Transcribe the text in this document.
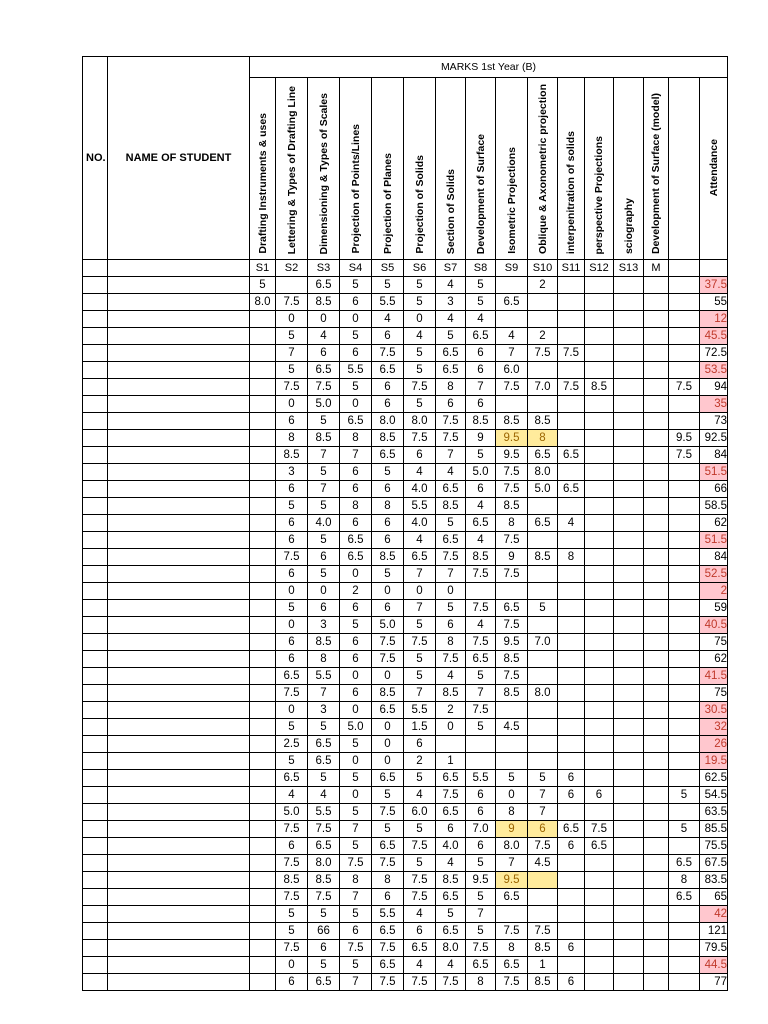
NO.	NAME OF STUDENT	MARKS 1st Year (B)															
		Drafting Instruments & uses	Lettering & Types of Drafting Line	Dimensioning & Types of Scales	Projection of Points/Lines	Projection of Planes	Projection of Solids	Section of Solids	Development of Surface	Isometric Projections	Oblique & Axonometric projection	interpenitration of solids	perspective Projections	sciography	Development of Surface (model)		Attendance
		S1	S2	S3	S4	S5	S6	S7	S8	S9	S10	S11	S12	S13	M		
		5		6.5	5	5	5	4	5		2						37.5
		8.0	7.5	8.5	6	5.5	5	3	5	6.5							55
			0	0	0	4	0	4	4								12
			5	4	5	6	4	5	6.5	4	2						45.5
			7	6	6	7.5	5	6.5	6	7	7.5	7.5					72.5
			5	6.5	5.5	6.5	5	6.5	6	6.0							53.5
			7.5	7.5	5	6	7.5	8	7	7.5	7.0	7.5	8.5			7.5	94
			0	5.0	0	6	5	6	6								35
			6	5	6.5	8.0	8.0	7.5	8.5	8.5	8.5						73
			8	8.5	8	8.5	7.5	7.5	9	9.5	8					9.5	92.5
			8.5	7	7	6.5	6	7	5	9.5	6.5	6.5				7.5	84
			3	5	6	5	4	4	5.0	7.5	8.0						51.5
			6	7	6	6	4.0	6.5	6	7.5	5.0	6.5					66
			5	5	8	8	5.5	8.5	4	8.5							58.5
			6	4.0	6	6	4.0	5	6.5	8	6.5	4					62
			6	5	6.5	6	4	6.5	4	7.5							51.5
			7.5	6	6.5	8.5	6.5	7.5	8.5	9	8.5	8					84
			6	5	0	5	7	7	7.5	7.5							52.5
			0	0	2	0	0	0									2
			5	6	6	6	7	5	7.5	6.5	5						59
			0	3	5	5.0	5	6	4	7.5							40.5
			6	8.5	6	7.5	7.5	8	7.5	9.5	7.0						75
			6	8	6	7.5	5	7.5	6.5	8.5							62
			6.5	5.5	0	0	5	4	5	7.5							41.5
			7.5	7	6	8.5	7	8.5	7	8.5	8.0						75
			0	3	0	6.5	5.5	2	7.5								30.5
			5	5	5.0	0	1.5	0	5	4.5							32
			2.5	6.5	5	0	6										26
			5	6.5	0	0	2	1									19.5
			6.5	5	5	6.5	5	6.5	5.5	5	5	6					62.5
			4	4	0	5	4	7.5	6	0	7	6	6			5	54.5
			5.0	5.5	5	7.5	6.0	6.5	6	8	7						63.5
			7.5	7.5	7	5	5	6	7.0	9	6	6.5	7.5			5	85.5
			6	6.5	5	6.5	7.5	4.0	6	8.0	7.5	6	6.5				75.5
			7.5	8.0	7.5	7.5	5	4	5	7	4.5					6.5	67.5
			8.5	8.5	8	8	7.5	8.5	9.5	9.5						8	83.5
			7.5	7.5	7	6	7.5	6.5	5	6.5						6.5	65
			5	5	5	5.5	4	5	7								42
			5	66	6	6.5	6	6.5	5	7.5	7.5						121
			7.5	6	7.5	7.5	6.5	8.0	7.5	8	8.5	6					79.5
			0	5	5	6.5	4	4	6.5	6.5	1						44.5
			6	6.5	7	7.5	7.5	7.5	8	7.5	8.5	6					77
